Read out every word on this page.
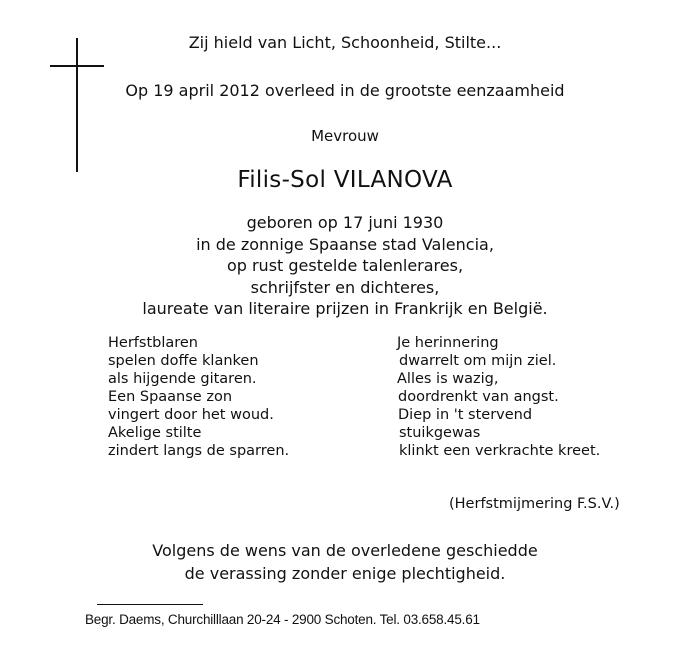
Zij hield van Licht, Schoonheid, Stilte...
Op 19 april 2012 overleed in de grootste eenzaamheid
Mevrouw
Filis-Sol VILANOVA
geboren op 17 juni 1930
in de zonnige Spaanse stad Valencia,
op rust gestelde talenlerares,
schrijfster en dichteres,
laureate van literaire prijzen in Frankrijk en België.
Herfstblaren
spelen doffe klanken
als hijgende gitaren.
Een Spaanse zon
vingert door het woud.
Akelige stilte
zindert langs de sparren.
Je herinnering
dwarrelt om mijn ziel.
Alles is wazig,
doordrenkt van angst.
Diep in 't stervend
stuikgewas
klinkt een verkrachte kreet.
(Herfstmijmering F.S.V.)
Volgens de wens van de overledene geschiedde
de verassing zonder enige plechtigheid.
Begr. Daems, Churchilllaan 20-24 - 2900 Schoten. Tel. 03.658.45.61
